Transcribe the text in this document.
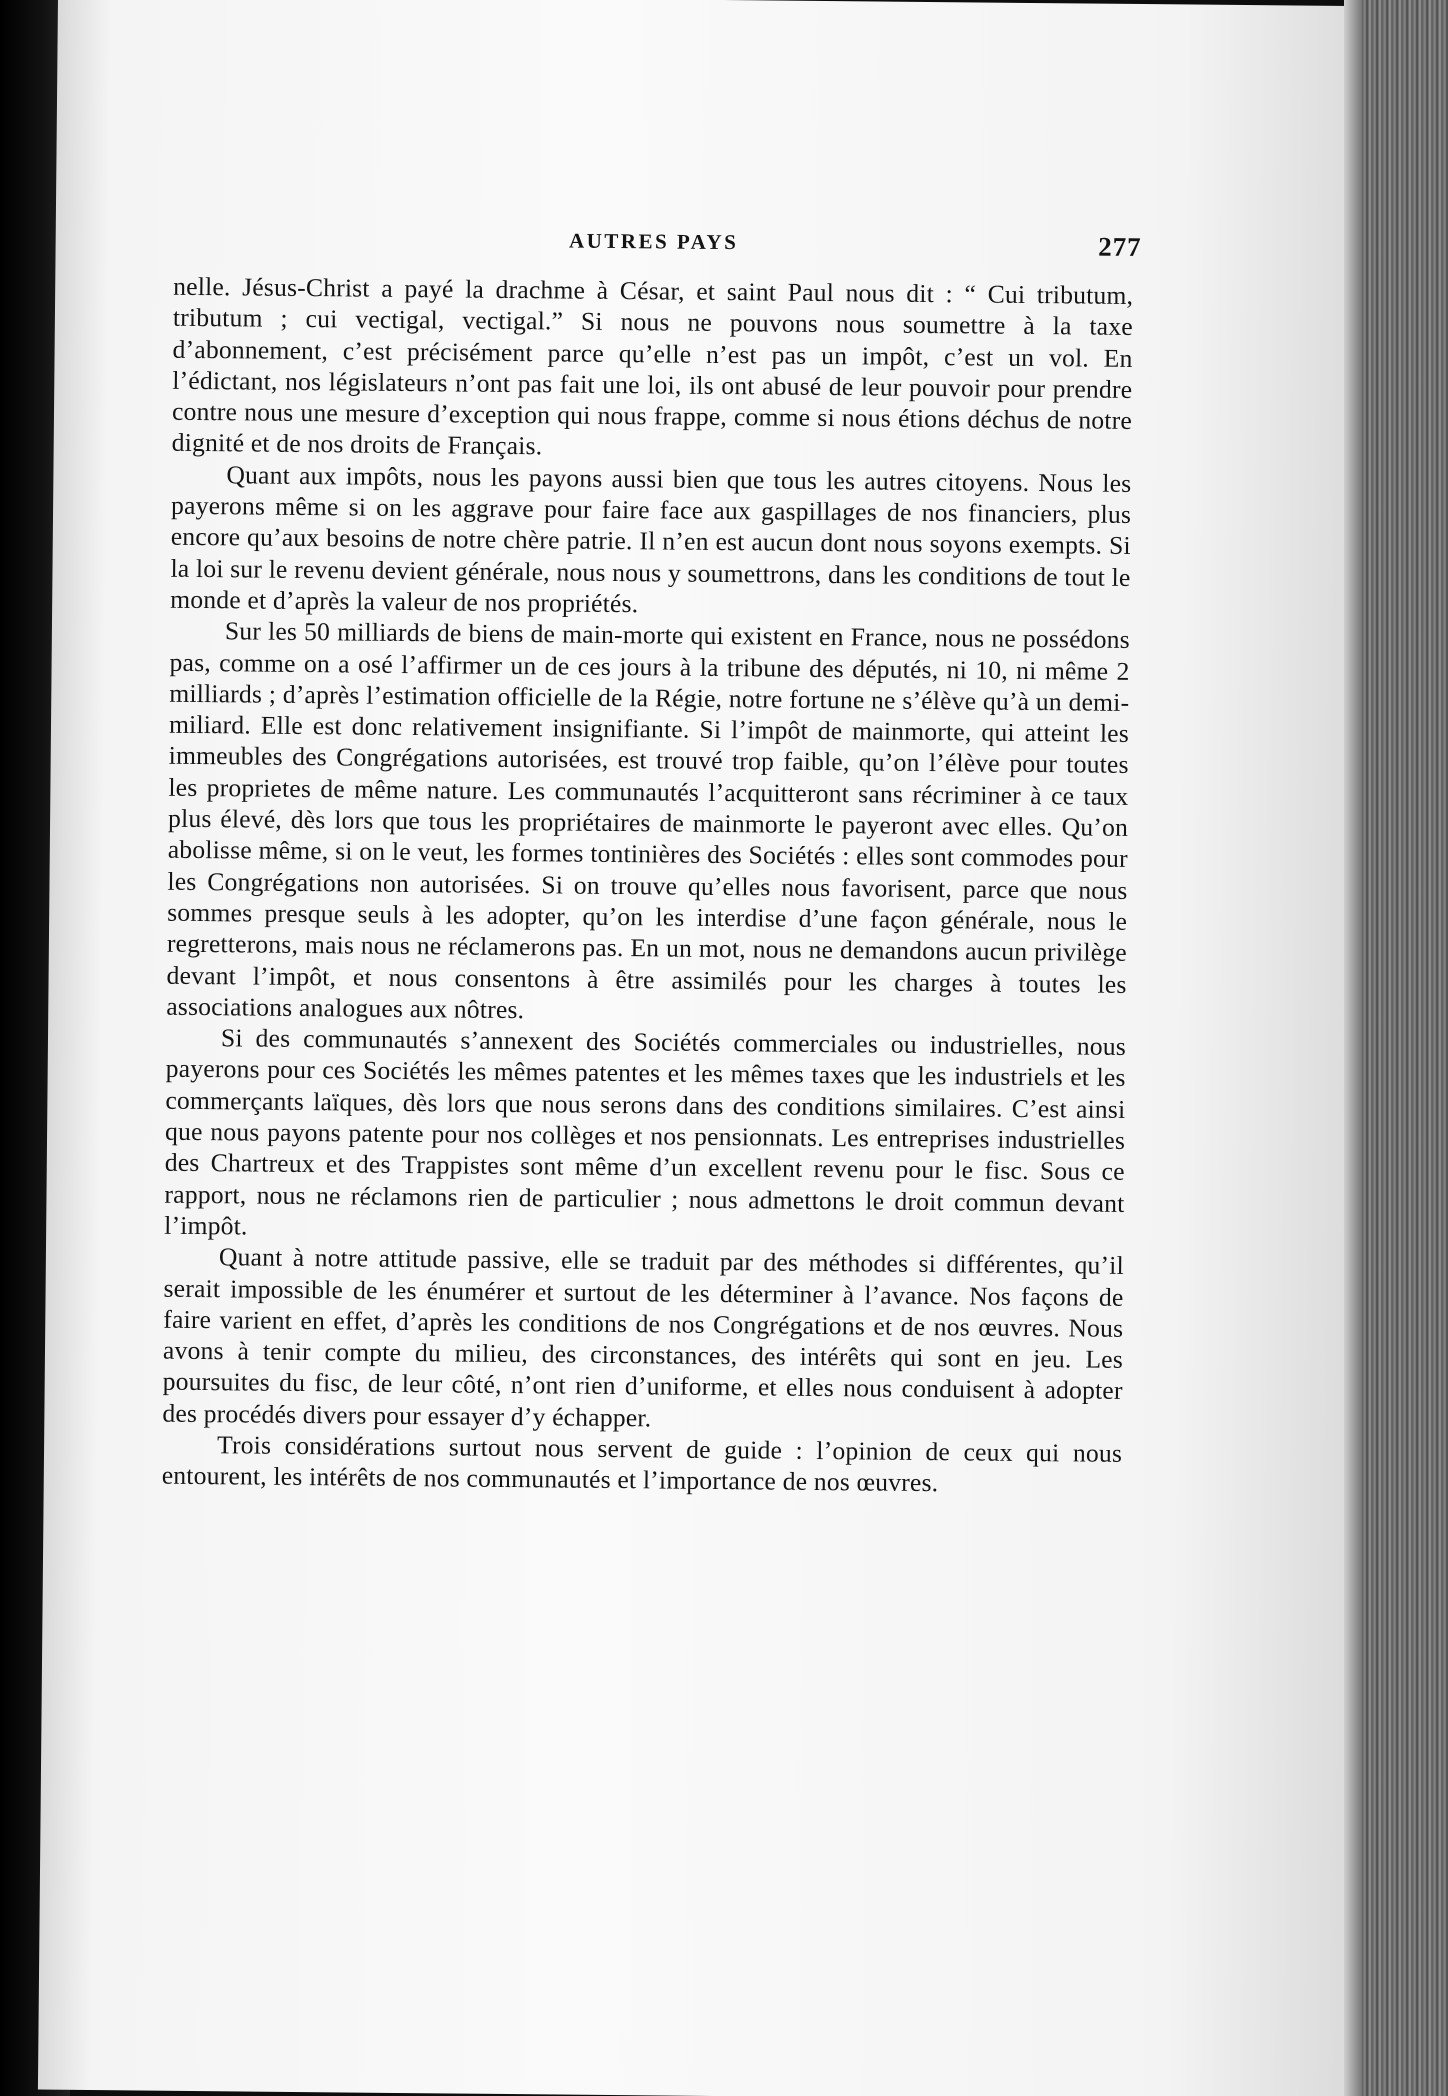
AUTRES PAYS	277

nelle. Jésus-Christ a payé la drachme à César, et saint Paul nous dit : “ Cui tributum, tributum ; cui vectigal, vectigal.” Si nous ne pouvons nous soumettre à la taxe d’abonnement, c’est précisément parce qu’elle n’est pas un impôt, c’est un vol. En l’édictant, nos législateurs n’ont pas fait une loi, ils ont abusé de leur pouvoir pour prendre contre nous une mesure d’exception qui nous frappe, comme si nous étions déchus de notre dignité et de nos droits de Français.

Quant aux impôts, nous les payons aussi bien que tous les autres citoyens. Nous les payerons même si on les aggrave pour faire face aux gaspillages de nos financiers, plus encore qu’aux besoins de notre chère patrie. Il n’en est aucun dont nous soyons exempts. Si la loi sur le revenu devient générale, nous nous y soumettrons, dans les conditions de tout le monde et d’après la valeur de nos propriétés.

Sur les 50 milliards de biens de main-morte qui existent en France, nous ne possédons pas, comme on a osé l’affirmer un de ces jours à la tribune des députés, ni 10, ni même 2 milliards ; d’après l’estimation officielle de la Régie, notre fortune ne s’élève qu’à un demi-miliard. Elle est donc relativement insignifiante. Si l’impôt de mainmorte, qui atteint les immeubles des Congrégations autorisées, est trouvé trop faible, qu’on l’élève pour toutes les proprietes de même nature. Les communautés l’acquitteront sans récriminer à ce taux plus élevé, dès lors que tous les propriétaires de mainmorte le payeront avec elles. Qu’on abolisse même, si on le veut, les formes tontinières des Sociétés : elles sont commodes pour les Congrégations non autorisées. Si on trouve qu’elles nous favorisent, parce que nous sommes presque seuls à les adopter, qu’on les interdise d’une façon générale, nous le regretterons, mais nous ne réclamerons pas. En un mot, nous ne demandons aucun privilège devant l’impôt, et nous consentons à être assimilés pour les charges à toutes les associations analogues aux nôtres.

Si des communautés s’annexent des Sociétés commerciales ou industrielles, nous payerons pour ces Sociétés les mêmes patentes et les mêmes taxes que les industriels et les commerçants laïques, dès lors que nous serons dans des conditions similaires. C’est ainsi que nous payons patente pour nos collèges et nos pensionnats. Les entreprises industrielles des Chartreux et des Trappistes sont même d’un excellent revenu pour le fisc. Sous ce rapport, nous ne réclamons rien de particulier ; nous admettons le droit commun devant l’impôt.

Quant à notre attitude passive, elle se traduit par des méthodes si différentes, qu’il serait impossible de les énumérer et surtout de les déterminer à l’avance. Nos façons de faire varient en effet, d’après les conditions de nos Congrégations et de nos œuvres. Nous avons à tenir compte du milieu, des circonstances, des intérêts qui sont en jeu. Les poursuites du fisc, de leur côté, n’ont rien d’uniforme, et elles nous conduisent à adopter des procédés divers pour essayer d’y échapper.

Trois considérations surtout nous servent de guide : l’opinion de ceux qui nous entourent, les intérêts de nos communautés et l’importance de nos œuvres.
